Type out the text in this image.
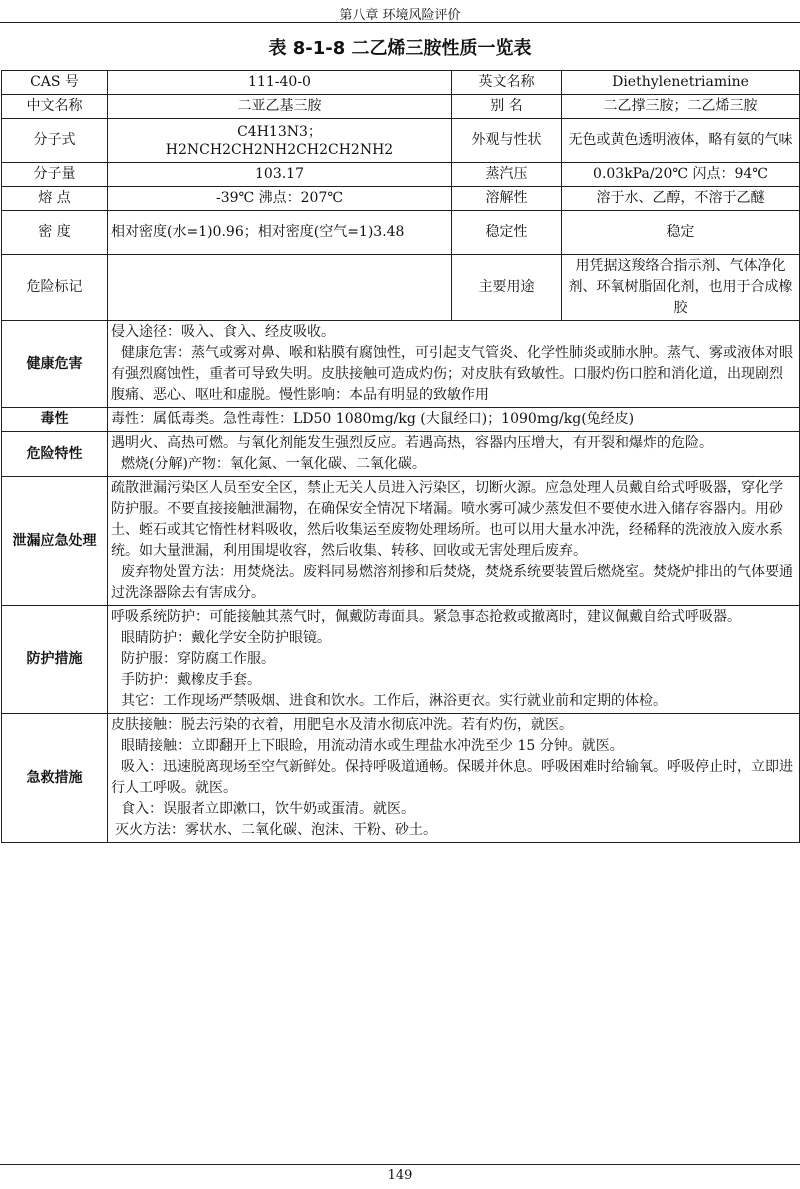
第八章 环境风险评价
表 8-1-8 二乙烯三胺性质一览表
CAS 号	111-40-0	英文名称	Diethylenetriamine
中文名称	二亚乙基三胺	别 名	二乙撑三胺；二乙烯三胺
分子式	C4H13N3；
H2NCH2CH2NH2CH2CH2NH2	外观与性状	无色或黄色透明液体，略有氨的气味
分子量	103.17	蒸汽压	0.03kPa/20℃ 闪点：94℃
熔 点	-39℃ 沸点：207℃	溶解性	溶于水、乙醇，不溶于乙醚
密 度	相对密度(水=1)0.96；相对密度(空气=1)3.48	稳定性	稳定
危险标记		主要用途	用凭据这羧络合指示剂、气体净化剂、环氧树脂固化剂，也用于合成橡胶
健康危害	侵入途径：吸入、食入、经皮吸收。

健康危害：蒸气或雾对鼻、喉和粘膜有腐蚀性，可引起支气管炎、化学性肺炎或肺水肿。蒸气、雾或液体对眼有强烈腐蚀性，重者可导致失明。皮肤接触可造成灼伤；对皮肤有致敏性。口服灼伤口腔和消化道，出现剧烈腹痛、恶心、呕吐和虚脱。慢性影响：本品有明显的致敏作用		

毒性	毒性：属低毒类。急性毒性：LD50 1080mg/kg (大鼠经口)；1090mg/kg(兔经皮)		

危险特性	遇明火、高热可燃。与氧化剂能发生强烈反应。若遇高热，容器内压增大，有开裂和爆炸的危险。

燃烧(分解)产物：氧化氮、一氧化碳、二氧化碳。		

泄漏应急处理	疏散泄漏污染区人员至安全区，禁止无关人员进入污染区，切断火源。应急处理人员戴自给式呼吸器，穿化学防护服。不要直接接触泄漏物，在确保安全情况下堵漏。喷水雾可减少蒸发但不要使水进入储存容器内。用砂土、蛭石或其它惰性材料吸收，然后收集运至废物处理场所。也可以用大量水冲洗，经稀释的洗液放入废水系统。如大量泄漏，利用围堤收容，然后收集、转移、回收或无害处理后废弃。

废弃物处置方法：用焚烧法。废料同易燃溶剂掺和后焚烧，焚烧系统要装置后燃烧室。焚烧炉排出的气体要通过洗涤器除去有害成分。		

防护措施	呼吸系统防护：可能接触其蒸气时，佩戴防毒面具。紧急事态抢救或撤离时，建议佩戴自给式呼吸器。

眼睛防护：戴化学安全防护眼镜。

防护服：穿防腐工作服。

手防护：戴橡皮手套。

其它：工作现场严禁吸烟、进食和饮水。工作后，淋浴更衣。实行就业前和定期的体检。		

急救措施	皮肤接触：脱去污染的衣着，用肥皂水及清水彻底冲洗。若有灼伤，就医。

眼睛接触：立即翻开上下眼睑，用流动清水或生理盐水冲洗至少 15 分钟。就医。

吸入：迅速脱离现场至空气新鲜处。保持呼吸道通畅。保暖并休息。呼吸困难时给输氧。呼吸停止时，立即进行人工呼吸。就医。

食入：误服者立即漱口，饮牛奶或蛋清。就医。

灭火方法：雾状水、二氧化碳、泡沫、干粉、砂土。		

149
